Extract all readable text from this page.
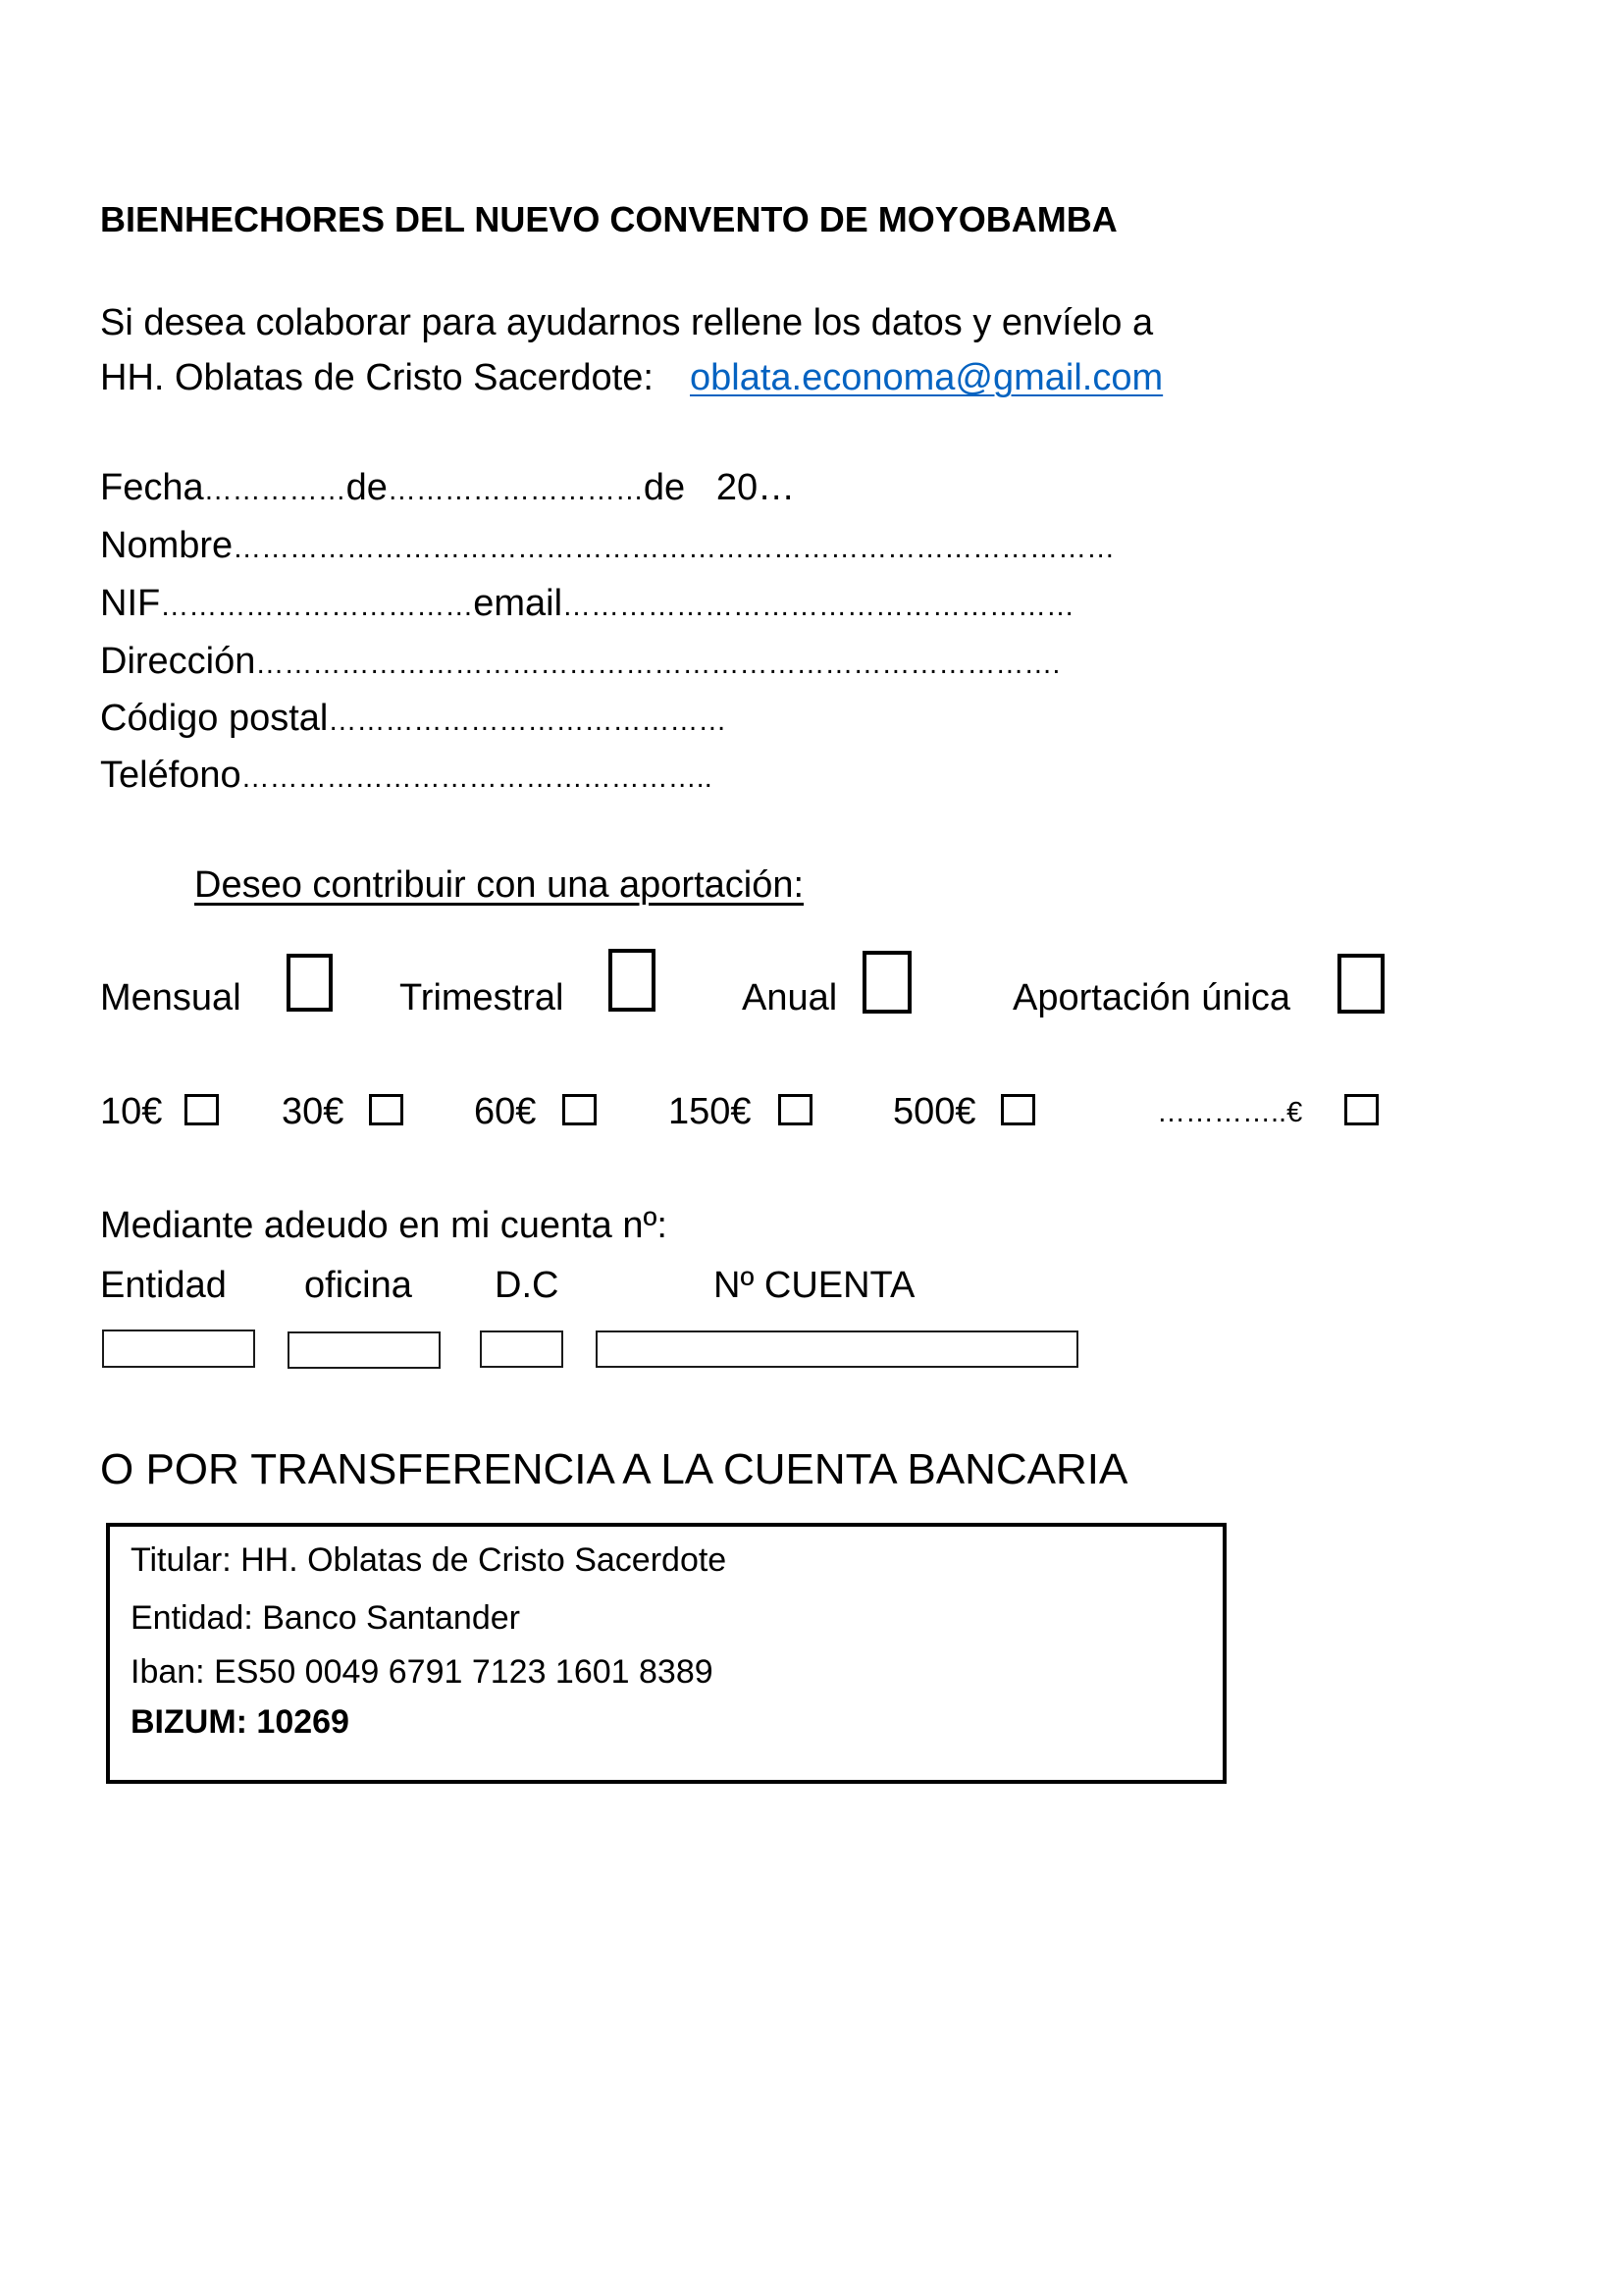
BIENHECHORES DEL NUEVO CONVENTO DE MOYOBAMBA
Si desea colaborar para ayudarnos rellene los datos y envíelo a
HH. Oblatas de Cristo Sacerdote: oblata.economa@gmail.com
Fecha……………de………………………de   20…
Nombre…………………………………………………………………………………
NIF……………………………email………………………………………………
Dirección………………………………………………………………………….
Código postal……………………………………
Teléfono…………………………………………..
Deseo contribuir con una aportación:
Mensual	Trimestral	Anual	Aportación única
10€	30€	60€	150€	500€	…………..€
Mediante adeudo en mi cuenta nº:
Entidad oficina D.C	Nº CUENTA
O POR TRANSFERENCIA A LA CUENTA BANCARIA
Titular: HH. Oblatas de Cristo Sacerdote
Entidad: Banco Santander
Iban: ES50 0049 6791 7123 1601 8389
BIZUM: 10269
